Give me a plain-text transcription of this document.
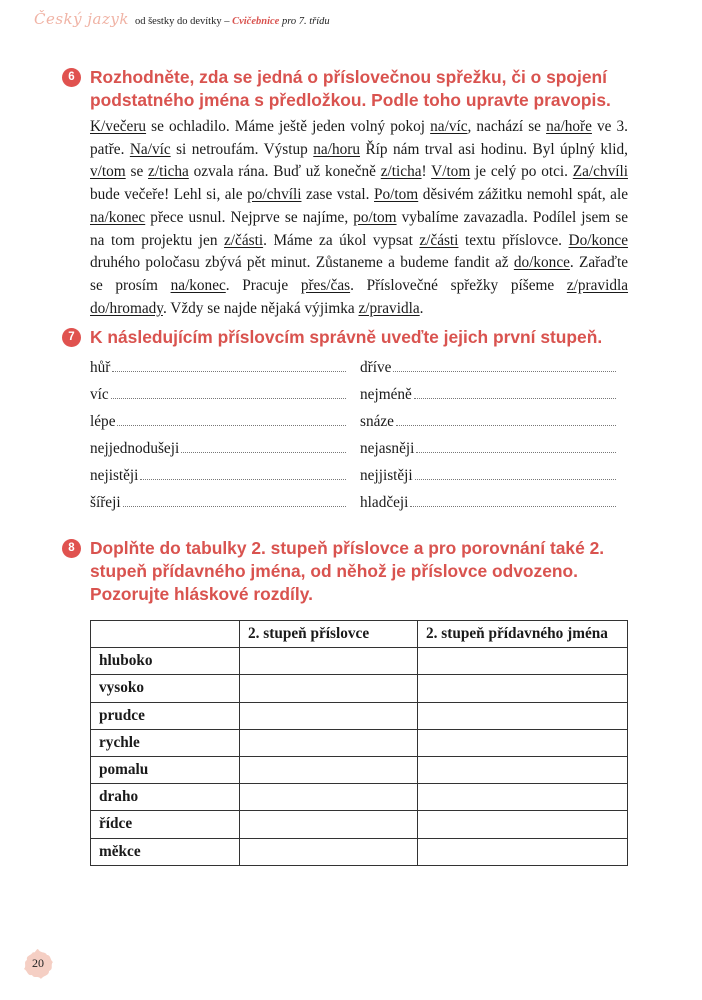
Český jazyk od šestky do devítky – Cvičebnice pro 7. třídu
6 Rozhodněte, zda se jedná o příslovečnou spřežku, či o spojení podstatného jména s předložkou. Podle toho upravte pravopis.

K/večeru se ochladilo. Máme ještě jeden volný pokoj na/víc, nachází se na/hoře ve 3. patře. Na/víc si netroufám. Výstup na/horu Říp nám trval asi hodinu. Byl úplný klid, v/tom se z/ticha ozvala rána. Buď už konečně z/ticha! V/tom je celý po otci. Za/chvíli bude večeře! Lehl si, ale po/chvíli zase vstal. Po/tom děsivém zážitku nemohl spát, ale na/konec přece usnul. Nejprve se najíme, po/tom vybalíme zavazadla. Podílel jsem se na tom projektu jen z/části. Máme za úkol vypsat z/části textu příslovce. Do/konce druhého poločasu zbývá pět minut. Zůstaneme a budeme fandit až do/konce. Zařaďte se prosím na/konec. Pracuje přes/čas. Příslovečné spřežky píšeme z/pravidla do/hromady. Vždy se najde nějaká výjimka z/pravidla.

7 K následujícím příslovcím správně uveďte jejich první stupeň.

hůř	dříve
víc	nejméně
lépe	snáze
nejjednodušeji	nejasněji
nejistěji	nejjistěji
šířeji	hladčeji
8 Doplňte do tabulky 2. stupeň příslovce a pro porovnání také 2. stupeň přídavného jména, od něhož je příslovce odvozeno. Pozorujte hláskové rozdíly.

	2. stupeň příslovce	2. stupeň přídavného jména
hluboko		
vysoko		
prudce		
rychle		
pomalu		
draho		
řídce		
měkce		
20
